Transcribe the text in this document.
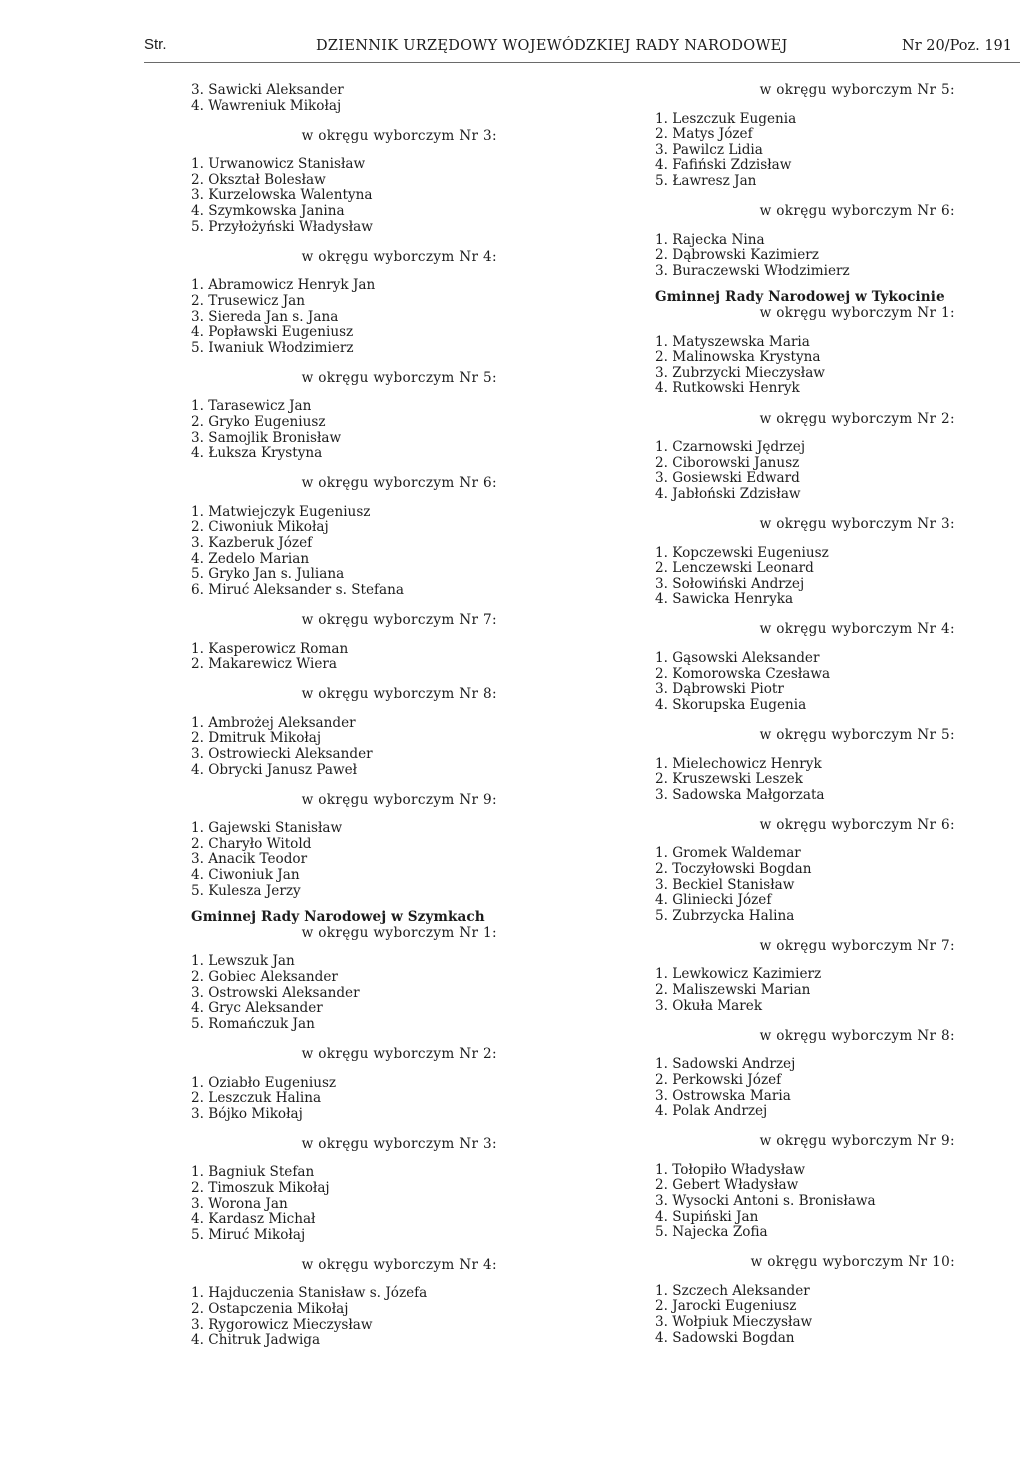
Str.	DZIENNIK URZĘDOWY WOJEWÓDZKIEJ RADY NARODOWEJ	Nr 20/Poz. 191
3. Sawicki Aleksander
4. Wawreniuk Mikołaj
w okręgu wyborczym Nr 3:
1. Urwanowicz Stanisław
2. Okształ Bolesław
3. Kurzelowska Walentyna
4. Szymkowska Janina
5. Przyłożyński Władysław
w okręgu wyborczym Nr 4:
1. Abramowicz Henryk Jan
2. Trusewicz Jan
3. Siereda Jan s. Jana
4. Popławski Eugeniusz
5. Iwaniuk Włodzimierz
w okręgu wyborczym Nr 5:
1. Tarasewicz Jan
2. Gryko Eugeniusz
3. Samojlik Bronisław
4. Łuksza Krystyna
w okręgu wyborczym Nr 6:
1. Matwiejczyk Eugeniusz
2. Ciwoniuk Mikołaj
3. Kazberuk Józef
4. Zedelo Marian
5. Gryko Jan s. Juliana
6. Miruć Aleksander s. Stefana
w okręgu wyborczym Nr 7:
1. Kasperowicz Roman
2. Makarewicz Wiera
w okręgu wyborczym Nr 8:
1. Ambrożej Aleksander
2. Dmitruk Mikołaj
3. Ostrowiecki Aleksander
4. Obrycki Janusz Paweł
w okręgu wyborczym Nr 9:
1. Gajewski Stanisław
2. Charyło Witold
3. Anacik Teodor
4. Ciwoniuk Jan
5. Kulesza Jerzy
Gminnej Rady Narodowej w Szymkach
w okręgu wyborczym Nr 1:
1. Lewszuk Jan
2. Gobiec Aleksander
3. Ostrowski Aleksander
4. Gryc Aleksander
5. Romańczuk Jan
w okręgu wyborczym Nr 2:
1. Oziabło Eugeniusz
2. Leszczuk Halina
3. Bójko Mikołaj
w okręgu wyborczym Nr 3:
1. Bagniuk Stefan
2. Timoszuk Mikołaj
3. Worona Jan
4. Kardasz Michał
5. Miruć Mikołaj
w okręgu wyborczym Nr 4:
1. Hajduczenia Stanisław s. Józefa
2. Ostapczenia Mikołaj
3. Rygorowicz Mieczysław
4. Chitruk Jadwiga
w okręgu wyborczym Nr 5:
1. Leszczuk Eugenia
2. Matys Józef
3. Pawilcz Lidia
4. Fafiński Zdzisław
5. Ławresz Jan
w okręgu wyborczym Nr 6:
1. Rajecka Nina
2. Dąbrowski Kazimierz
3. Buraczewski Włodzimierz
Gminnej Rady Narodowej w Tykocinie
w okręgu wyborczym Nr 1:
1. Matyszewska Maria
2. Malinowska Krystyna
3. Zubrzycki Mieczysław
4. Rutkowski Henryk
w okręgu wyborczym Nr 2:
1. Czarnowski Jędrzej
2. Ciborowski Janusz
3. Gosiewski Edward
4. Jabłoński Zdzisław
w okręgu wyborczym Nr 3:
1. Kopczewski Eugeniusz
2. Lenczewski Leonard
3. Sołowiński Andrzej
4. Sawicka Henryka
w okręgu wyborczym Nr 4:
1. Gąsowski Aleksander
2. Komorowska Czesława
3. Dąbrowski Piotr
4. Skorupska Eugenia
w okręgu wyborczym Nr 5:
1. Mielechowicz Henryk
2. Kruszewski Leszek
3. Sadowska Małgorzata
w okręgu wyborczym Nr 6:
1. Gromek Waldemar
2. Toczyłowski Bogdan
3. Beckiel Stanisław
4. Gliniecki Józef
5. Zubrzycka Halina
w okręgu wyborczym Nr 7:
1. Lewkowicz Kazimierz
2. Maliszewski Marian
3. Okuła Marek
w okręgu wyborczym Nr 8:
1. Sadowski Andrzej
2. Perkowski Józef
3. Ostrowska Maria
4. Polak Andrzej
w okręgu wyborczym Nr 9:
1. Tołopiło Władysław
2. Gebert Władysław
3. Wysocki Antoni s. Bronisława
4. Supiński Jan
5. Najecka Zofia
w okręgu wyborczym Nr 10:
1. Szczech Aleksander
2. Jarocki Eugeniusz
3. Wołpiuk Mieczysław
4. Sadowski Bogdan
